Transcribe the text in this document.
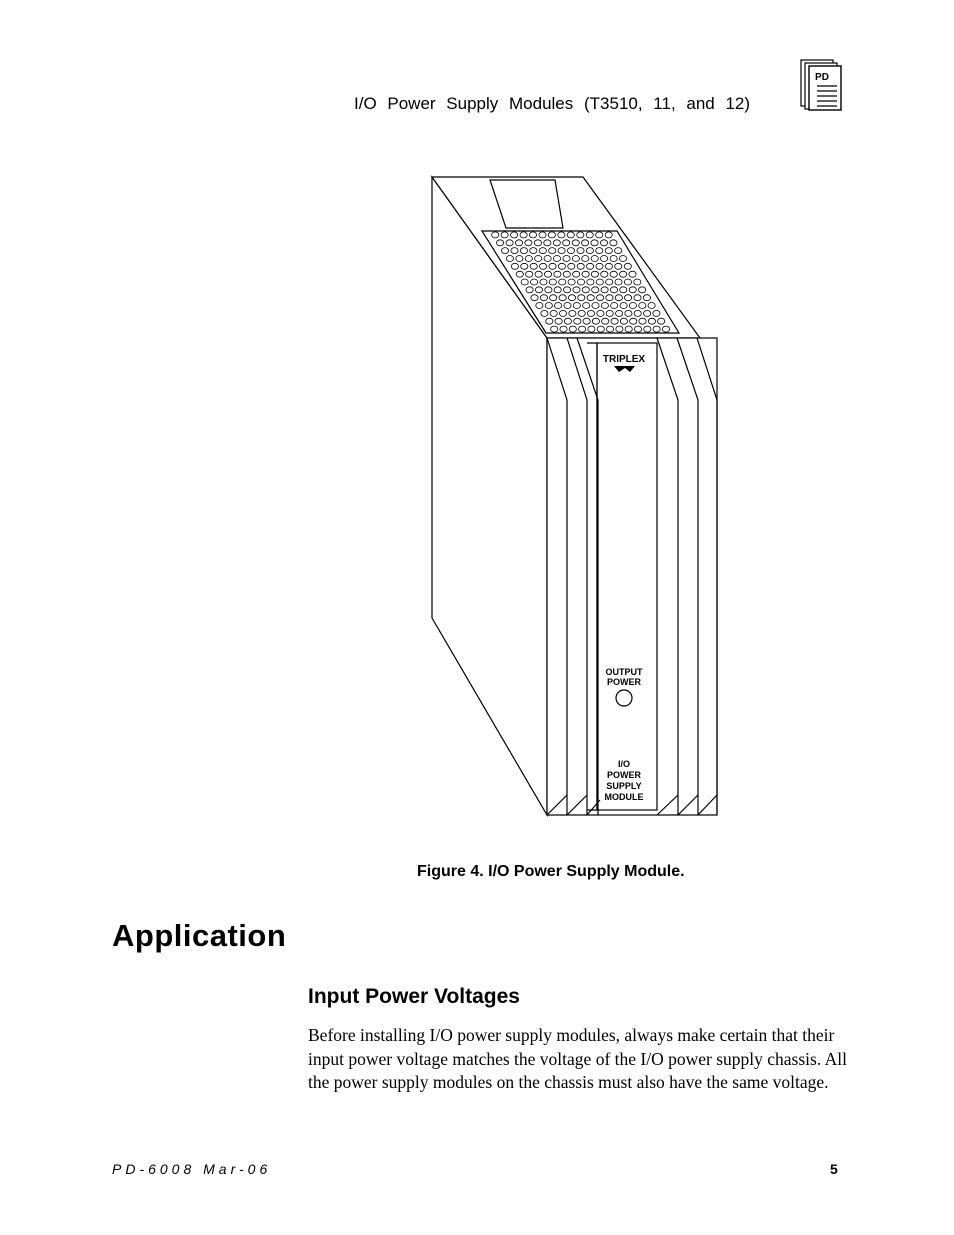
I/O Power Supply Modules (T3510, 11, and 12)
PD
TRIPLEX
OUTPUT
POWER
I/O
POWER
SUPPLY
MODULE
Figure 4. I/O Power Supply Module.
Application
Input Power Voltages

Before installing I/O power supply modules, always make certain that their input power voltage matches the voltage of the I/O power supply chassis. All the power supply modules on the chassis must also have the same voltage.

PD-6008 Mar-06	5
